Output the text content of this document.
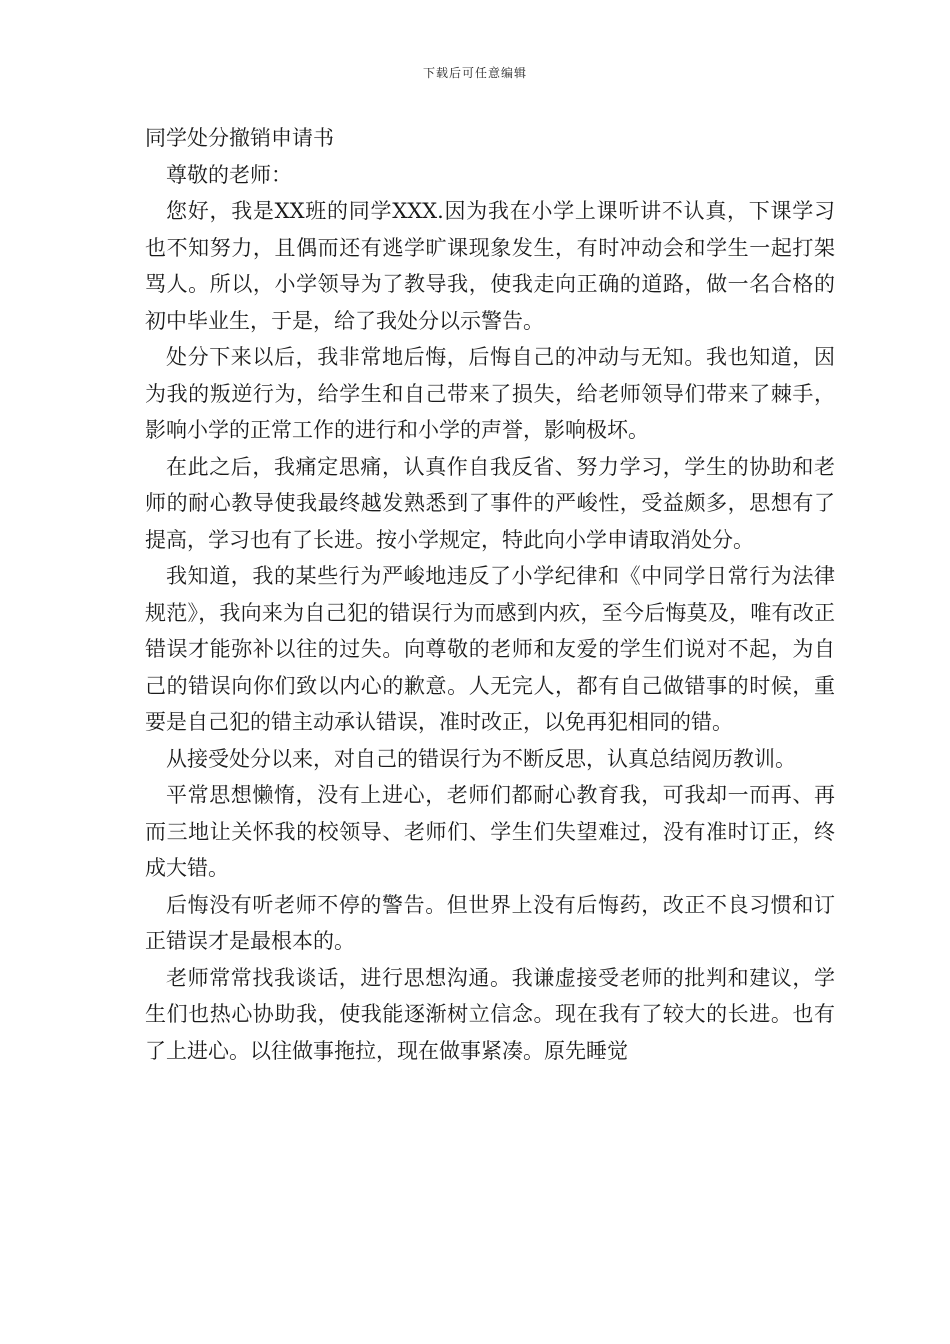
下载后可任意编辑
同学处分撤销申请书

尊敬的老师：

您好，我是XX班的同学XXX.因为我在小学上课听讲不认真，下课学习也不知努力，且偶而还有逃学旷课现象发生，有时冲动会和学生一起打架骂人。所以，小学领导为了教导我，使我走向正确的道路，做一名合格的初中毕业生，于是，给了我处分以示警告。

处分下来以后，我非常地后悔，后悔自己的冲动与无知。我也知道，因为我的叛逆行为，给学生和自己带来了损失，给老师领导们带来了棘手，影响小学的正常工作的进行和小学的声誉，影响极坏。

在此之后，我痛定思痛，认真作自我反省、努力学习，学生的协助和老师的耐心教导使我最终越发熟悉到了事件的严峻性，受益颇多，思想有了提高，学习也有了长进。按小学规定，特此向小学申请取消处分。

我知道，我的某些行为严峻地违反了小学纪律和《中同学日常行为法律规范》，我向来为自己犯的错误行为而感到内疚，至今后悔莫及，唯有改正错误才能弥补以往的过失。向尊敬的老师和友爱的学生们说对不起，为自己的错误向你们致以内心的歉意。人无完人，都有自己做错事的时候，重要是自己犯的错主动承认错误，准时改正，以免再犯相同的错。

从接受处分以来，对自己的错误行为不断反思，认真总结阅历教训。

平常思想懒惰，没有上进心，老师们都耐心教育我，可我却一而再、再而三地让关怀我的校领导、老师们、学生们失望难过，没有准时订正，终成大错。

后悔没有听老师不停的警告。但世界上没有后悔药，改正不良习惯和订正错误才是最根本的。

老师常常找我谈话，进行思想沟通。我谦虚接受老师的批判和建议，学生们也热心协助我，使我能逐渐树立信念。现在我有了较大的长进。也有了上进心。以往做事拖拉，现在做事紧凑。原先睡觉
